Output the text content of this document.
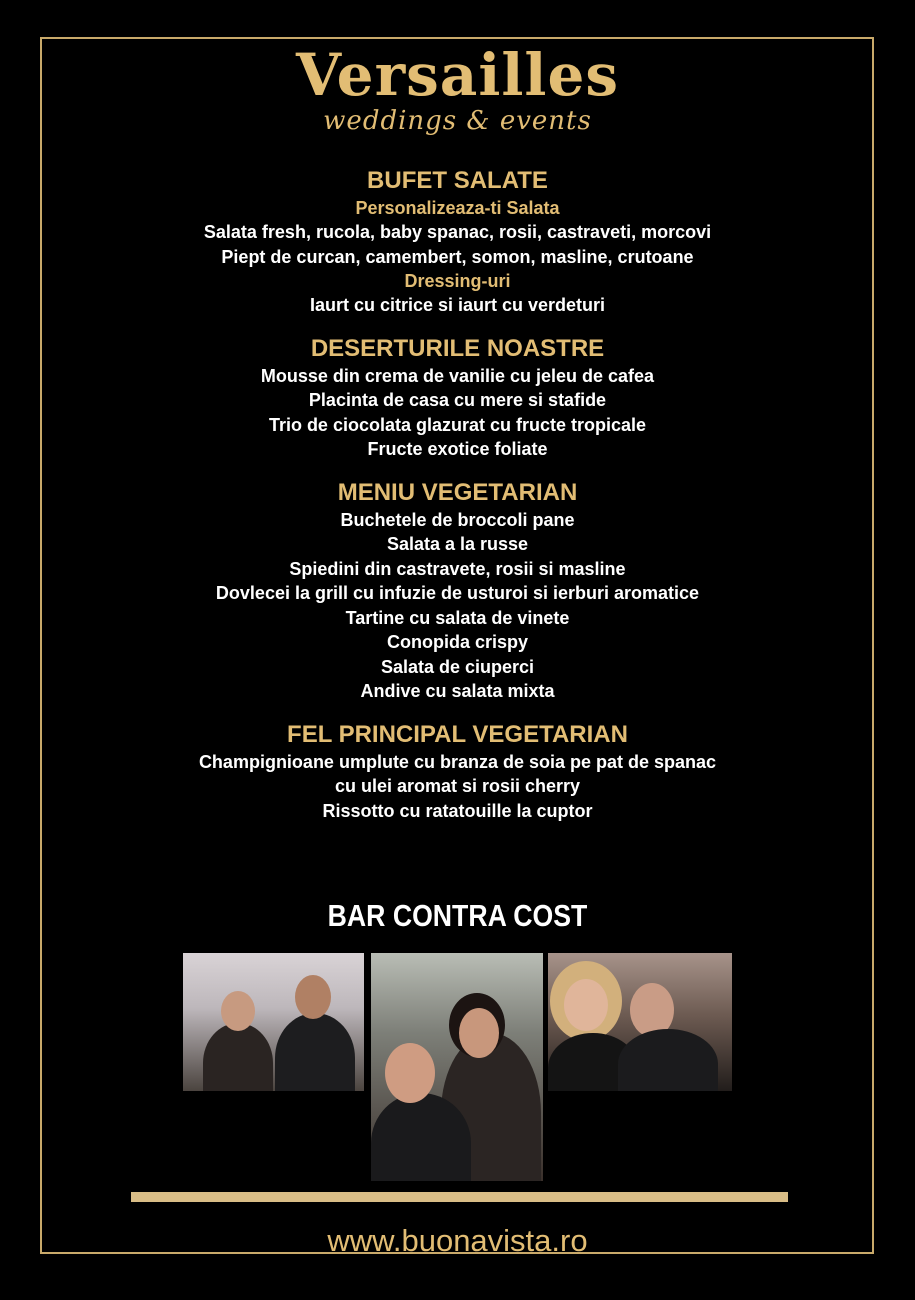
Versailles
weddings & events
BUFET SALATE
Personalizeaza-ti Salata
Salata fresh, rucola, baby spanac, rosii, castraveti, morcovi
Piept de curcan, camembert, somon, masline, crutoane
Dressing-uri
Iaurt cu citrice si iaurt cu verdeturi
DESERTURILE NOASTRE
Mousse din crema de vanilie cu jeleu de cafea
Placinta de casa cu mere si stafide
Trio de ciocolata glazurat cu fructe tropicale
Fructe exotice foliate
MENIU VEGETARIAN
Buchetele de broccoli pane
Salata a la russe
Spiedini din castravete, rosii si masline
Dovlecei la grill cu infuzie de usturoi si ierburi aromatice
Tartine cu salata de vinete
Conopida crispy
Salata de ciuperci
Andive cu salata mixta
FEL PRINCIPAL VEGETARIAN
Champignioane umplute cu branza de soia pe pat de spanac
cu ulei aromat si rosii cherry
Rissotto cu ratatouille la cuptor
BAR CONTRA COST
www.buonavista.ro
